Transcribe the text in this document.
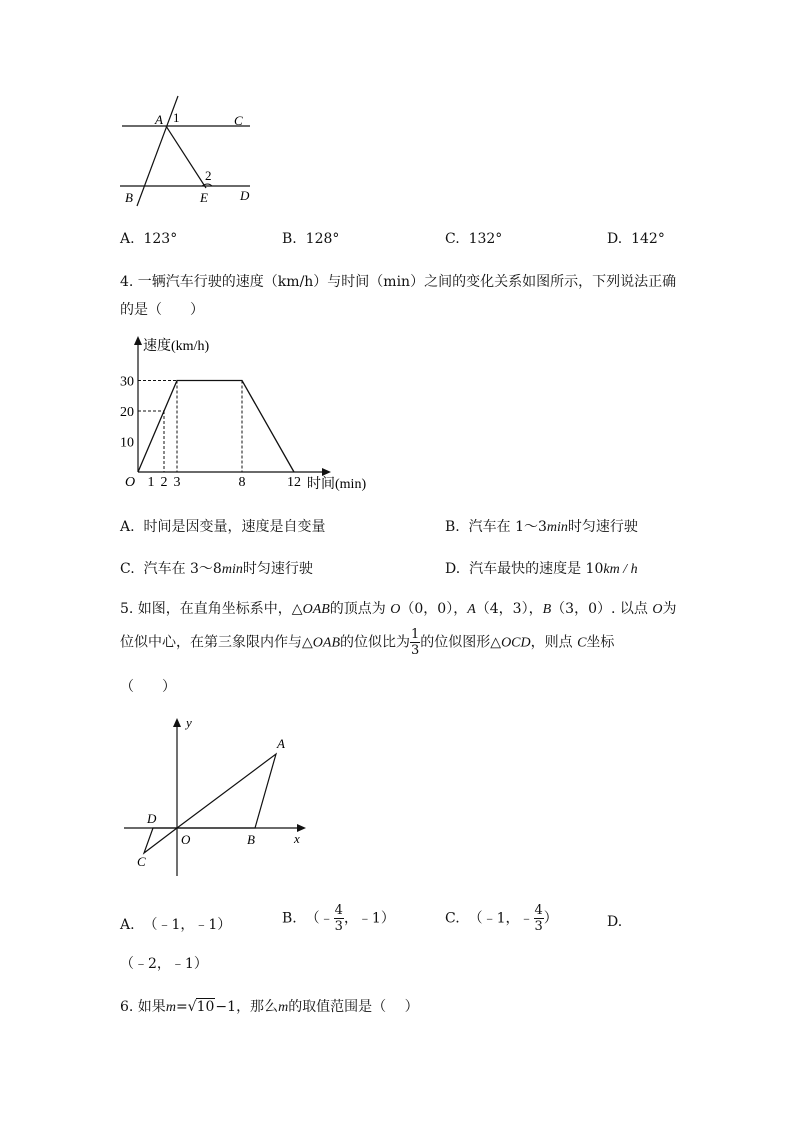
A 1	C
2
B	E D
A. 123°	B. 128°	C. 132°	D. 142°
4. 一辆汽车行驶的速度（km/h）与时间（min）之间的变化关系如图所示，下列说法正确
的是（　　）
1 2 3	8	12
10
20
30
速度(km/h)
时间(min)
O
A. 时间是因变量，速度是自变量	B. 汽车在 1～3min时匀速行驶
C. 汽车在 3～8min时匀速行驶	D. 汽车最快的速度是 10km / h
5. 如图，在直角坐标系中，△OAB的顶点为 O（0，0），A（4，3），B（3，0）. 以点 O为
位似中心，在第三象限内作与△OAB的位似比为 $\frac{1}{3}$ 的位似图形△OCD，则点 C坐标
（　　）
y
A
D
O	B	x
C
A. （﹣1，﹣1）	B. （﹣ $\frac{4}{3}$ ，﹣1）	C. （﹣1，﹣ $\frac{4}{3}$ ）	D.
（﹣2，﹣1）
6. 如果m=√10−1，那么m的取值范围是（　 ）
